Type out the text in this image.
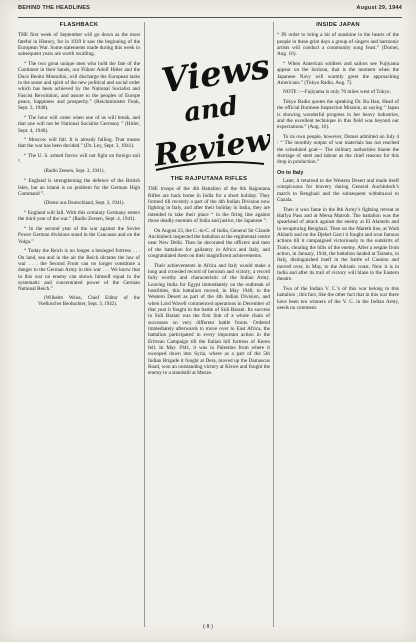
BEHIND THE HEADLINES	August 29, 1944
FLASHBACK

THE first week of September will go down as the most fateful in History, for in 1939 it saw the beginning of the European War. Some statements made during this week in subsequent years are worth recalling.

“ The two great unique men who hold the fate of the Continent in their hands, our Führer Adolf Hitler and the Duce Benito Mussolini, will discharge the European tasks in the sense and spirit of the new political and social order which has been achieved by the National Socialist and Fascist Revolution, and assure to the peoples of Europe peace, happiness and prosperity.” (Reichminister Funk, Sept. 3, 1940).

“ The hour will come when one of us will break, and that one will not be National Socialist Germany ” (Hitler, Sept. 4, 1940).

“ Moscow will fall. It is already falling. That means that the war has been decided.” (Dr. Ley, Sept. 3, 1941).

“ The U. S. armed forces will not fight on foreign soil ”.

(Radio Zeesen, Sept. 3, 1941).

“ England is strengthening the defence of the British Isles, but an island is no problem for the German High Command ”.

(Dienst aus Deutschland, Sept. 3, 1941).

“ England will fall. With this certainty Germany enters the third year of the war.” (Radio Zeesen, Sept. 4, 1941).

“ In the second year of the war against the Soviet Power German divisions stand in the Caucasus and on the Volga.”

“ Today the Reich is no longer a besieged fortress . . . On land, sea and in the air the Reich dictates the law of war . . . the Second Front can no longer constitute a danger to the German Army in this war . . . We know that in this war no enemy can shown himself equal to the systematic and concentrated power of the German National Reich.”

(Wilhelm Weiss, Chief Editor of the Voelkischer Beobachter, Sept. 3, 1942).

Views
and
Reviews
THE RAJPUTANA RIFLES

THE troops of the 4th Battalion of the 6th Rajputana Rifles are back home in India for a short holiday. They formed till recently a part of the 4th Indian Division now fighting in Italy, and after their holiday in India, they are intended to take their place “ in the firing line against those deadly enemies of India and justice, the Japanese ”.

On August 23, the C.-in-C. of India, General Sir Claude Auchinleck inspected the battalion at the regimental centre near New Delhi. Then he decorated the officers and men of the battalion for gallantry in Africa and Italy, and congratulated them on their magnificent achievements.

Their achievements in Africa and Italy would make a long and crowded record of heroism and victory, a record fully worthy and characteristic of the Indian Army. Leaving India for Egypt immediately on the outbreak of hostilities, this battalion moved, in May 1940, to the Western Desert as part of the 4th Indian Division, and when Lord Wavell commenced operations in December of that year it fought in the battle of Sidi Barani. Its success in Sidi Barani was the first link of a whole chain of successes on very different battle fronts. Ordered immediately afterwards to move over to East Africa, the battalion participated in every important action in the Eritrean Campaign till the Italian hill fortress of Keren fell. In May 1941, it was in Palestine from where it swooped down into Syria, where as a part of the 5th Indian Brigade it fought at Dera, moved up the Damascus Road, won an outstanding victory at Kiswe and fought the enemy to a standstill at Mezze.

INSIDE JAPAN

“ IN order to bring a bit of sunshine in the hearts of the people in these grim days a group of singers and harmonic artists will conduct a community song feast.” (Domei, Aug. 16).

“ When American soldiers and sailors see Fujiyama appear on the horizon, that is the moment when the Japanese Navy will warmly greet the approaching Americans.” (Tokyo Radio, Aug. 7).

NOTE :—Fujiyama is only 70 miles west of Tokyo.

Tokyo Radio quotes the speaking Dr. Ba Han, Head of the official Burmese Inspection Mission, as saying “ Japan is showing wonderful progress in her heavy industries, and the excellent technique in this field was beyond our expectations.” (Aug. 16).

To its own people, however, Domei admitted on July 4 : “ The monthly output of war materials has not reached the scheduled goal— The military authorities blame the shortage of steel and labour as the chief reasons for this drop in production.”

On to Italy

Later, it returned to the Western Desert and made itself conspicuous for bravery during General Auchinleck’s march to Benghazi and the subsequent withdrawal to Gazala.

Then it won fame in the 8th Army’s fighting retreat at Halfya Pass and at Mersa Matruh. The battalion was the spearhead of attack against the enemy at El Alamein and in recapturing Benghazi. Then on the Mareth line, at Wadi Akharit and on the Djebel Garci it fought and won famous actions till it campaigned victoriously to the outskirts of Tunis, clearing the hills of the enemy. After a respite from action, in January, 1944, the battalion landed at Taranto, in Italy, distinguished itself in the battle of Cassino and moved over, in May, to the Adriatic coast. Now it is in India and after its trail of victory will blaze in the Eastern theatre.

Two of the Indian V. C.’s of this war belong to this battalion ; this fact, like the other fact that in this war there have been ten winners of the V. C. in the Indian Army, needs no comment.

( 8 )
